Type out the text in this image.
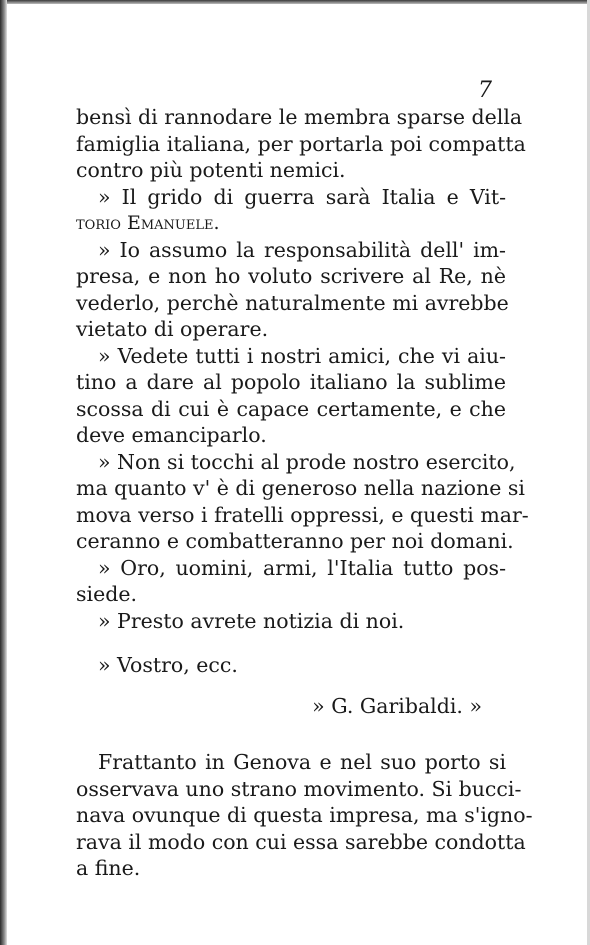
7
bensì di rannodare le membra sparse della
famiglia italiana, per portarla poi compatta
contro più potenti nemici.
» Il grido di guerra sarà Italia e Vit-
torio Emanuele.
» Io assumo la responsabilità dell' im-
presa, e non ho voluto scrivere al Re, nè
vederlo, perchè naturalmente mi avrebbe
vietato di operare.
» Vedete tutti i nostri amici, che vi aiu-
tino a dare al popolo italiano la sublime
scossa di cui è capace certamente, e che
deve emanciparlo.
» Non si tocchi al prode nostro esercito,
ma quanto v' è di generoso nella nazione si
mova verso i fratelli oppressi, e questi mar-
ceranno e combatteranno per noi domani.
» Oro, uomini, armi, l'Italia tutto pos-
siede.
» Presto avrete notizia di noi.
» Vostro, ecc.
» G. Garibaldi. »
Frattanto in Genova e nel suo porto si
osservava uno strano movimento. Si bucci-
nava ovunque di questa impresa, ma s'igno-
rava il modo con cui essa sarebbe condotta
a fine.
